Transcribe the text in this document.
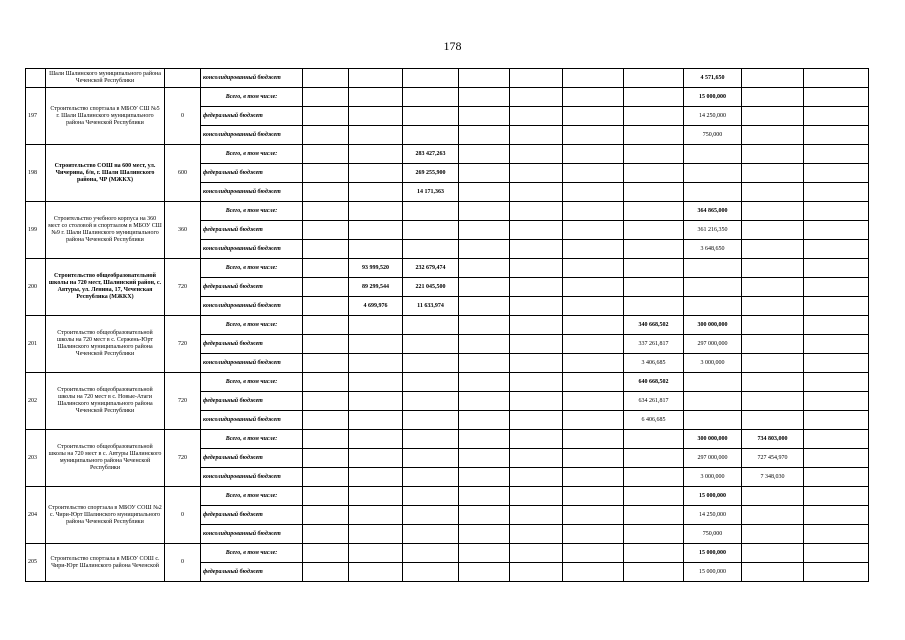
178
	Шали Шалинского муниципального района Чеченской Республики		консолидированный бюджет								4 571,650		
197	Строительство спортзала в МБОУ СШ №5 г. Шали Шалинского муниципального района Чеченской Республики	0	Всего, в том числе:								15 000,000		
			федеральный бюджет								14 250,000		
			консолидированный бюджет								750,000		
198	Строительство СОШ на 600 мест, ул. Чичерина, б/н, г. Шали Шалинского района, ЧР (МЖКХ)	600	Всего, в том числе:			283 427,263							
			федеральный бюджет			269 255,900							
			консолидированный бюджет			14 171,363							
199	Строительство учебного корпуса на 360 мест со столовой и спортзалом в МБОУ СШ №9 г. Шали Шалинского муниципального района Чеченской Республики	360	Всего, в том числе:								364 865,000		
			федеральный бюджет								361 216,350		
			консолидированный бюджет								3 648,650		
200	Строительство общеобразовательной школы на 720 мест, Шалинский район, с. Автуры, ул. Ленина, 17, Чеченская Республика (МЖКХ)	720	Всего, в том числе:		93 999,520	232 679,474							
			федеральный бюджет		89 299,544	221 045,500							
			консолидированный бюджет		4 699,976	11 633,974							
201	Строительство общеобразовательной школы на 720 мест в с. Сержень-Юрт Шалинского муниципального района Чеченской Республики	720	Всего, в том числе:							340 668,502	300 000,000		
			федеральный бюджет							337 261,817	297 000,000		
			консолидированный бюджет							3 406,685	3 000,000		
202	Строительство общеобразовательной школы на 720 мест в с. Новые-Атаги Шалинского муниципального района Чеченской Республики	720	Всего, в том числе:							640 668,502			
			федеральный бюджет							634 261,817			
			консолидированный бюджет							6 406,685			
203	Строительство общеобразовательной школы на 720 мест в с. Автуры Шалинского муниципального района Чеченской Республики	720	Всего, в том числе:								300 000,000	734 803,000	
			федеральный бюджет								297 000,000	727 454,970	
			консолидированный бюджет								3 000,000	7 348,030	
204	Строительство спортзала в МБОУ СОШ №2 с. Чири-Юрт Шалинского муниципального района Чеченской Республики	0	Всего, в том числе:								15 000,000		
			федеральный бюджет								14 250,000		
			консолидированный бюджет								750,000		
205	Строительство спортзала в МБОУ СОШ с. Чири-Юрт Шалинского района Чеченской	0	Всего, в том числе:								15 000,000		
			федеральный бюджет								15 000,000		
